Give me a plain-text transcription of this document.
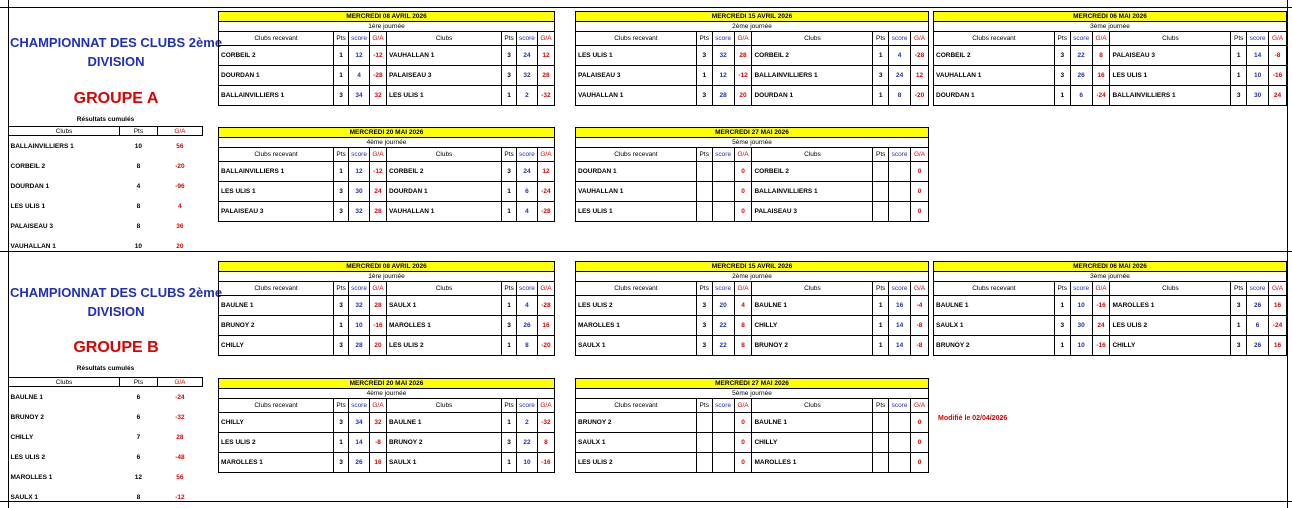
CHAMPIONNAT DES CLUBS 2ème DIVISION
GROUPE A
Résultats cumulés
Clubs	Pts	G/A
BALLAINVILLIERS 1	10	56
CORBEIL 2	8	-20
DOURDAN 1	4	-96
LES ULIS 1	8	4
PALAISEAU 3	8	36
VAUHALLAN 1	10	20
MERCREDI 08 AVRIL 2026							
1ère journée							
Clubs recevant	Pts	score	G/A	Clubs	Pts	score	G/A
CORBEIL 2	1	12	-12	VAUHALLAN 1	3	24	12
DOURDAN 1	1	4	-28	PALAISEAU 3	3	32	28
BALLAINVILLIERS 1	3	34	32	LES ULIS 1	1	2	-32
MERCREDI 15 AVRIL 2026							
2ème journée							
Clubs recevant	Pts	score	G/A	Clubs	Pts	score	G/A
LES ULIS 1	3	32	28	CORBEIL 2	1	4	-28
PALAISEAU 3	1	12	-12	BALLAINVILLIERS 1	3	24	12
VAUHALLAN 1	3	28	20	DOURDAN 1	1	8	-20
MERCREDI 06 MAI 2026							
3ème journée							
Clubs recevant	Pts	score	G/A	Clubs	Pts	score	G/A
CORBEIL 2	3	22	8	PALAISEAU 3	1	14	-8
VAUHALLAN 1	3	26	16	LES ULIS 1	1	10	-16
DOURDAN 1	1	6	-24	BALLAINVILLIERS 1	3	30	24
MERCREDI 20 MAI 2026							
4ème journée							
Clubs recevant	Pts	score	G/A	Clubs	Pts	score	G/A
BALLAINVILLIERS 1	1	12	-12	CORBEIL 2	3	24	12
LES ULIS 1	3	30	24	DOURDAN 1	1	6	-24
PALAISEAU 3	3	32	28	VAUHALLAN 1	1	4	-28
MERCREDI 27 MAI 2026							
5ème journée							
Clubs recevant	Pts	score	G/A	Clubs	Pts	score	G/A
DOURDAN 1			0	CORBEIL 2			0
VAUHALLAN 1			0	BALLAINVILLIERS 1			0
LES ULIS 1			0	PALAISEAU 3			0
CHAMPIONNAT DES CLUBS 2ème DIVISION
GROUPE B
Résultats cumulés
Clubs	Pts	G/A
BAULNE 1	6	-24
BRUNOY 2	6	-32
CHILLY	7	28
LES ULIS 2	6	-48
MAROLLES 1	12	56
SAULX 1	8	-12
MERCREDI 08 AVRIL 2026							
1ère journée							
Clubs recevant	Pts	score	G/A	Clubs	Pts	score	G/A
BAULNE 1	3	32	28	SAULX 1	1	4	-28
BRUNOY 2	1	10	-16	MAROLLES 1	3	26	16
CHILLY	3	28	20	LES ULIS 2	1	8	-20
MERCREDI 15 AVRIL 2026							
2ème journée							
Clubs recevant	Pts	score	G/A	Clubs	Pts	score	G/A
LES ULIS 2	3	20	4	BAULNE 1	1	16	-4
MAROLLES 1	3	22	8	CHILLY	1	14	-8
SAULX 1	3	22	8	BRUNOY 2	1	14	-8
MERCREDI 06 MAI 2026							
3ème journée							
Clubs recevant	Pts	score	G/A	Clubs	Pts	score	G/A
BAULNE 1	1	10	-16	MAROLLES 1	3	26	16
SAULX 1	3	30	24	LES ULIS 2	1	6	-24
BRUNOY 2	1	10	-16	CHILLY	3	26	16
MERCREDI 20 MAI 2026							
4ème journée							
Clubs recevant	Pts	score	G/A	Clubs	Pts	score	G/A
CHILLY	3	34	32	BAULNE 1	1	2	-32
LES ULIS 2	1	14	-8	BRUNOY 2	3	22	8
MAROLLES 1	3	26	16	SAULX 1	1	10	-16
MERCREDI 27 MAI 2026							
5ème journée							
Clubs recevant	Pts	score	G/A	Clubs	Pts	score	G/A
BRUNOY 2			0	BAULNE 1			0
SAULX 1			0	CHILLY			0
LES ULIS 2			0	MAROLLES 1			0
Modifié le 02/04/2026
